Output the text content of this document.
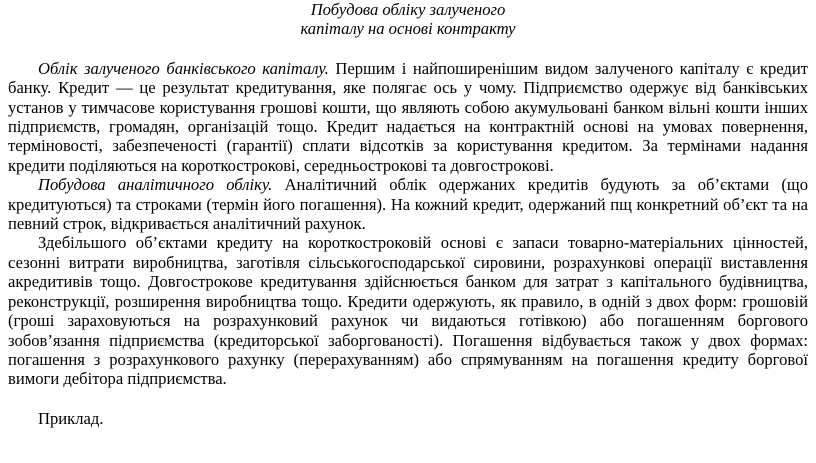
Побудова обліку залученого
капіталу на основі контракту

Облік залученого банківського капіталу. Першим і найпоширенішим видом залученого капіталу є кредит банку. Кредит — це результат кредитування, яке полягає ось у чому. Підприємство одержує від банківських установ у тимчасове користування грошові кошти, що являють собою акумульовані банком вільні кошти інших підприємств, громадян, організацій тощо. Кредит надається на контрактній основі на умовах повернення, терміновості, забезпеченості (гарантії) сплати відсотків за користування кредитом. За термінами надання кредити поділяються на короткострокові, середньострокові та довгострокові.

Побудова аналітичного обліку. Аналітичний облік одержаних кредитів будують за об’єктами (що кредитуються) та строками (термін його погашення). На кожний кредит, одержаний пщ конкретний об’єкт та на певний строк, відкривається аналітичний рахунок.

Здебільшого об’єктами кредиту на короткостроковій основі є запаси товарно-матеріальних цінностей, сезонні витрати виробництва, заготівля сільськогосподарської сировини, розрахункові операції виставлення акредитивів тощо. Довгострокове кредитування здійснюється банком для затрат з капітального будівництва, реконструкції, розширення виробництва тощо. Кредити одержують, як правило, в одній з двох форм: грошовій (гроші зараховуються на розрахунковий рахунок чи видаються готівкою) або погашенням боргового зобов’язання підприємства (кредиторської заборгованості). Погашення відбувається також у двох формах: погашення з розрахункового рахунку (перерахуванням) або спрямуванням на погашення кредиту боргової вимоги дебітора підприємства.

Приклад.
